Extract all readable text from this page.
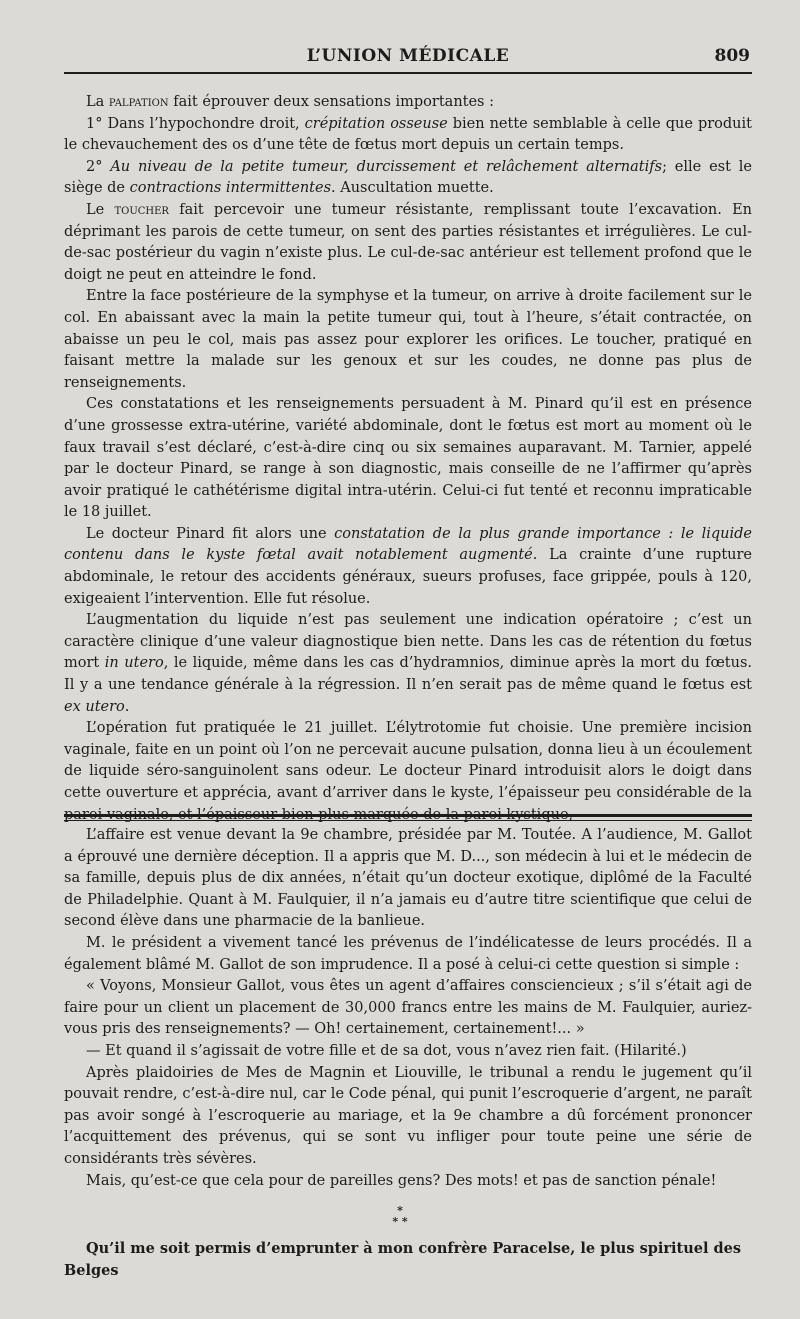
L’UNION MÉDICALE	809

La palpation fait éprouver deux sensations importantes :

1° Dans l’hypochondre droit, crépitation osseuse bien nette semblable à celle que produit le chevauchement des os d’une tête de fœtus mort depuis un certain temps.

2° Au niveau de la petite tumeur, durcissement et relâchement alternatifs; elle est le siège de contractions intermittentes. Auscultation muette.

Le toucher fait percevoir une tumeur résistante, remplissant toute l’excavation. En déprimant les parois de cette tumeur, on sent des parties résistantes et irrégulières. Le cul-de-sac postérieur du vagin n’existe plus. Le cul-de-sac antérieur est tellement profond que le doigt ne peut en atteindre le fond.

Entre la face postérieure de la symphyse et la tumeur, on arrive à droite facilement sur le col. En abaissant avec la main la petite tumeur qui, tout à l’heure, s’était contractée, on abaisse un peu le col, mais pas assez pour explorer les orifices. Le toucher, pratiqué en faisant mettre la malade sur les genoux et sur les coudes, ne donne pas plus de renseignements.

Ces constatations et les renseignements persuadent à M. Pinard qu’il est en présence d’une grossesse extra-utérine, variété abdominale, dont le fœtus est mort au moment où le faux travail s’est déclaré, c’est-à-dire cinq ou six semaines auparavant. M. Tarnier, appelé par le docteur Pinard, se range à son diagnostic, mais conseille de ne l’affirmer qu’après avoir pratiqué le cathétérisme digital intra-utérin. Celui-ci fut tenté et reconnu impraticable le 18 juillet.

Le docteur Pinard fit alors une constatation de la plus grande importance : le liquide contenu dans le kyste fœtal avait notablement augmenté. La crainte d’une rupture abdominale, le retour des accidents généraux, sueurs profuses, face grippée, pouls à 120, exigeaient l’intervention. Elle fut résolue.

L’augmentation du liquide n’est pas seulement une indication opératoire ; c’est un caractère clinique d’une valeur diagnostique bien nette. Dans les cas de rétention du fœtus mort in utero, le liquide, même dans les cas d’hydramnios, diminue après la mort du fœtus. Il y a une tendance générale à la régression. Il n’en serait pas de même quand le fœtus est ex utero.

L’opération fut pratiquée le 21 juillet. L’élytrotomie fut choisie. Une première incision vaginale, faite en un point où l’on ne percevait aucune pulsation, donna lieu à un écoulement de liquide séro-sanguinolent sans odeur. Le docteur Pinard introduisit alors le doigt dans cette ouverture et apprécia, avant d’arriver dans le kyste, l’épaisseur peu considérable de la

L’affaire est venue devant la 9e chambre, présidée par M. Toutée. A l’audience, M. Gallot a éprouvé une dernière déception. Il a appris que M. D..., son médecin à lui et le médecin de sa famille, depuis plus de dix années, n’était qu’un docteur exotique, diplômé de la Faculté de Philadelphie. Quant à M. Faulquier, il n’a jamais eu d’autre titre scientifique que celui de second élève dans une pharmacie de la banlieue.

M. le président a vivement tancé les prévenus de l’indélicatesse de leurs procédés. Il a également blâmé M. Gallot de son imprudence. Il a posé à celui-ci cette question si simple :

« Voyons, Monsieur Gallot, vous êtes un agent d’affaires consciencieux ; s’il s’était agi de faire pour un client un placement de 30,000 francs entre les mains de M. Faulquier, auriez-vous pris des renseignements? — Oh! certainement, certainement!... »

— Et quand il s’agissait de votre fille et de sa dot, vous n’avez rien fait. (Hilarité.)

Après plaidoiries de Mes de Magnin et Liouville, le tribunal a rendu le jugement qu’il pouvait rendre, c’est-à-dire nul, car le Code pénal, qui punit l’escroquerie d’argent, ne paraît pas avoir songé à l’escroquerie au mariage, et la 9e chambre a dû forcément prononcer l’acquittement des prévenus, qui se sont vu infliger pour toute peine une série de considérants très sévères.

Mais, qu’est-ce que cela pour de pareilles gens? Des mots! et pas de sanction pénale!

*
* *
Qu’il me soit permis d’emprunter à mon confrère Paracelse, le plus spirituel des Belges
